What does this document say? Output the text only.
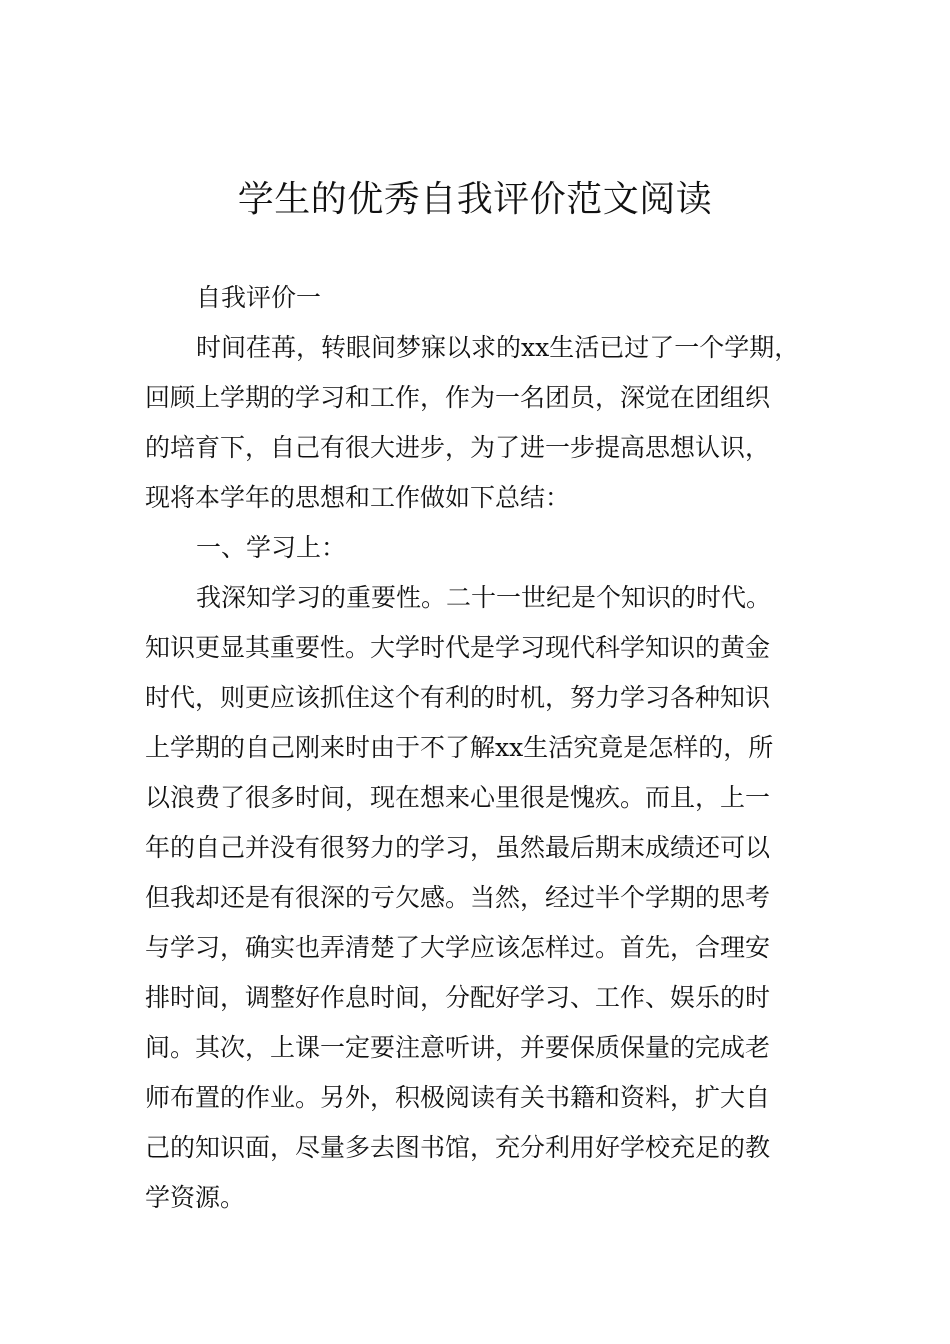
学生的优秀自我评价范文阅读

自我评价一

时间荏苒，转眼间梦寐以求的xx生活已过了一个学期，

回顾上学期的学习和工作，作为一名团员，深觉在团组织

的培育下，自己有很大进步，为了进一步提高思想认识，

现将本学年的思想和工作做如下总结：

一、学习上：

我深知学习的重要性。二十一世纪是个知识的时代。

知识更显其重要性。大学时代是学习现代科学知识的黄金

时代，则更应该抓住这个有利的时机，努力学习各种知识

上学期的自己刚来时由于不了解xx生活究竟是怎样的，所

以浪费了很多时间，现在想来心里很是愧疚。而且，上一

年的自己并没有很努力的学习，虽然最后期末成绩还可以

但我却还是有很深的亏欠感。当然，经过半个学期的思考

与学习，确实也弄清楚了大学应该怎样过。首先，合理安

排时间，调整好作息时间，分配好学习、工作、娱乐的时

间。其次，上课一定要注意听讲，并要保质保量的完成老

师布置的作业。另外，积极阅读有关书籍和资料，扩大自

己的知识面，尽量多去图书馆，充分利用好学校充足的教

学资源。
